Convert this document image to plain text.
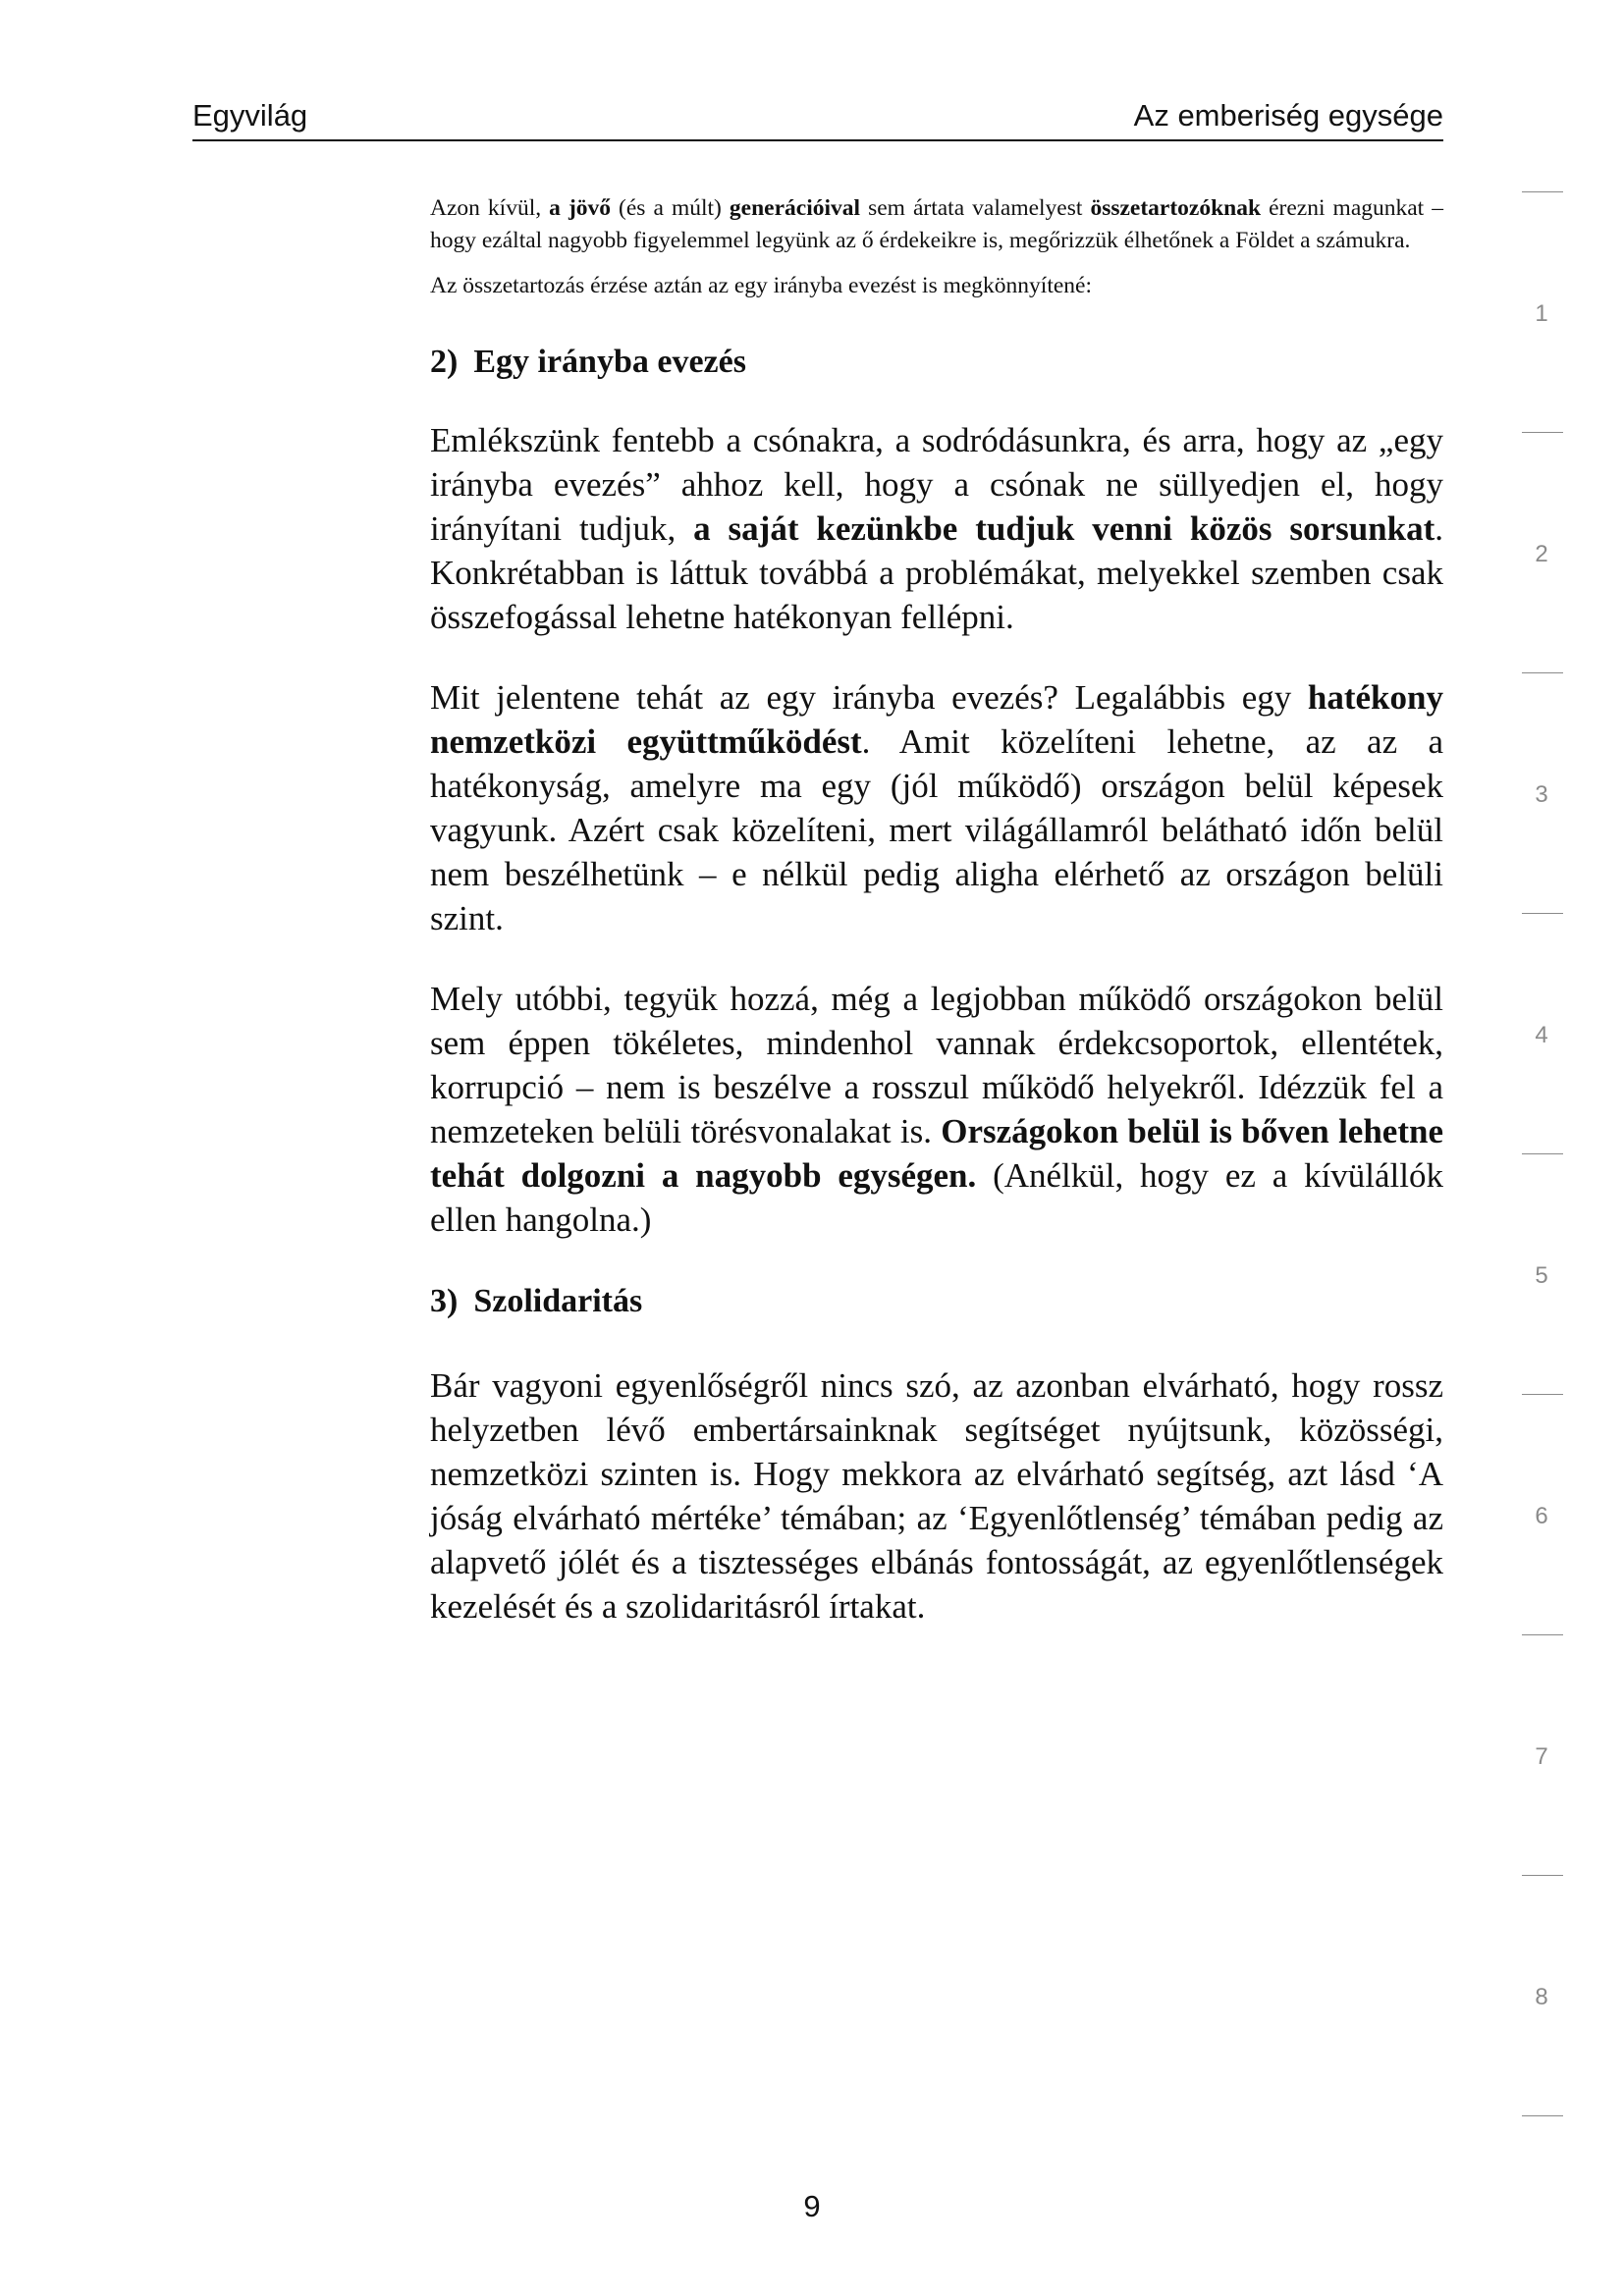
Egyvilág	Az emberiség egysége

Azon kívül, a jövő (és a múlt) generációival sem ártata valamelyest összetartozóknak érezni magunkat – hogy ezáltal nagyobb figyelemmel legyünk az ő érdekeikre is, megőrizzük élhetőnek a Földet a számukra.

Az összetartozás érzése aztán az egy irányba evezést is megkönnyítené:

2) Egy irányba evezés

Emlékszünk fentebb a csónakra, a sodródásunkra, és arra, hogy az „egy irányba evezés” ahhoz kell, hogy a csónak ne süllyedjen el, hogy irányítani tudjuk, a saját kezünkbe tudjuk venni közös sorsunkat. Konkrétabban is láttuk továbbá a problémákat, melyekkel szemben csak összefogással lehetne hatékonyan fellépni.

Mit jelentene tehát az egy irányba evezés? Legalábbis egy hatékony nemzetközi együttműködést. Amit közelíteni lehetne, az az a hatékonyság, amelyre ma egy (jól működő) országon belül képesek vagyunk. Azért csak közelíteni, mert világállamról belátható időn belül nem beszélhetünk – e nélkül pedig aligha elérhető az országon belüli szint.

Mely utóbbi, tegyük hozzá, még a legjobban működő országokon belül sem éppen tökéletes, mindenhol vannak érdekcsoportok, ellentétek, korrupció – nem is beszélve a rosszul működő helyekről. Idézzük fel a nemzeteken belüli törésvonalakat is. Országokon belül is bőven lehetne tehát dolgozni a nagyobb egységen. (Anélkül, hogy ez a kívülállók ellen hangolna.)

3) Szolidaritás

Bár vagyoni egyenlőségről nincs szó, az azonban elvárható, hogy rossz helyzetben lévő embertársainknak segítséget nyújtsunk, közösségi, nemzetközi szinten is. Hogy mekkora az elvárható segítség, azt lásd ‘A jóság elvárható mértéke’ témában; az ‘Egyenlőtlenség’ témában pedig az alapvető jólét és a tisztességes elbánás fontosságát, az egyenlőtlenségek kezelését és a szolidaritásról írtakat.

1
2
3
4
5
6
7
8
9
